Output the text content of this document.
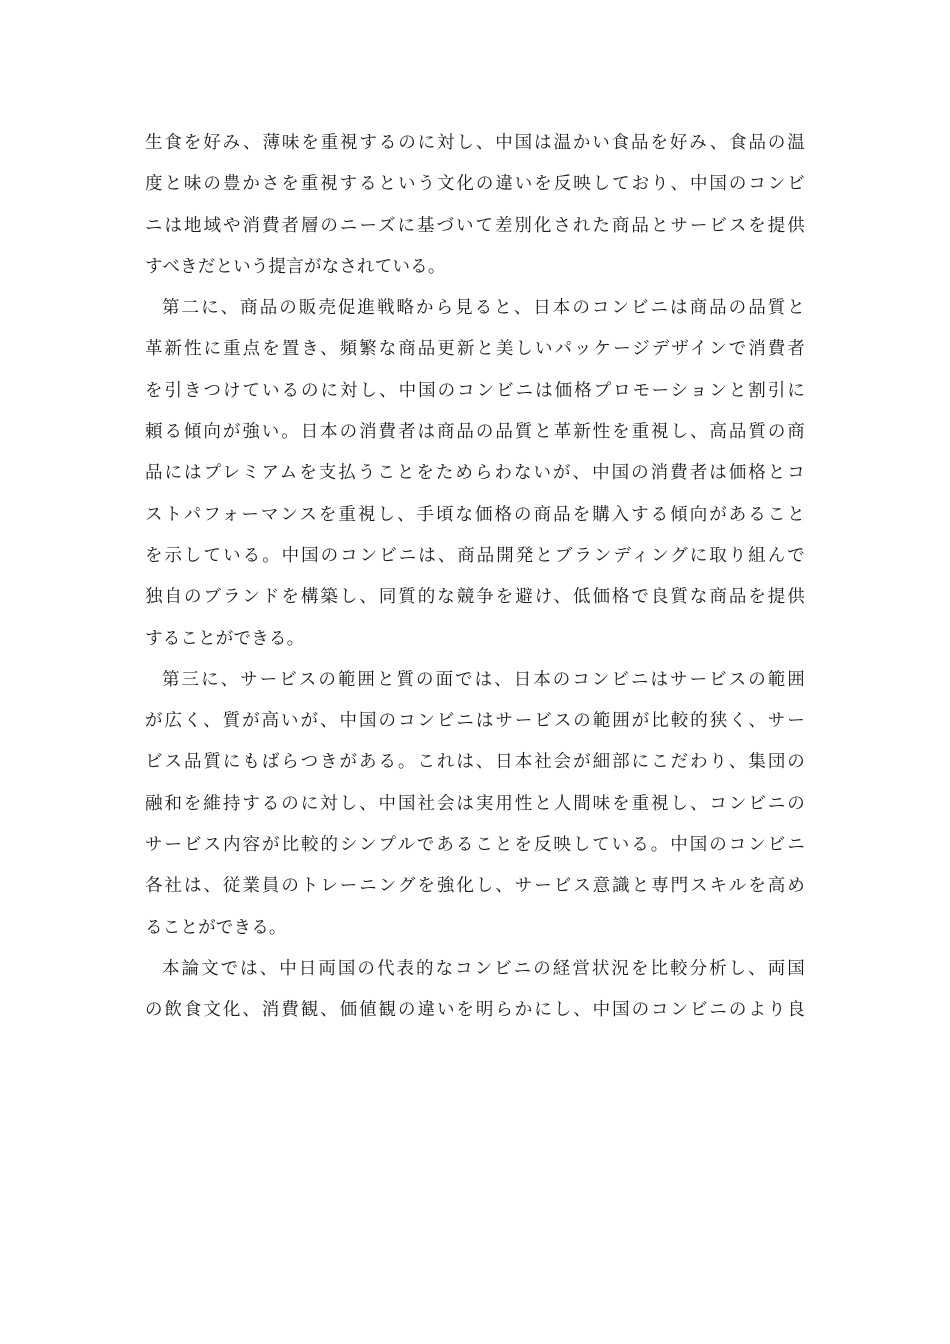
生食を好み、薄味を重視するのに対し、中国は温かい食品を好み、食品の温
度と味の豊かさを重視するという文化の違いを反映しており、中国のコンビ
ニは地域や消費者層のニーズに基づいて差別化された商品とサービスを提供
すべきだという提言がなされている。
第二に、商品の販売促進戦略から見ると、日本のコンビニは商品の品質と
革新性に重点を置き、頻繁な商品更新と美しいパッケージデザインで消費者
を引きつけているのに対し、中国のコンビニは価格プロモーションと割引に
頼る傾向が強い。日本の消費者は商品の品質と革新性を重視し、高品質の商
品にはプレミアムを支払うことをためらわないが、中国の消費者は価格とコ
ストパフォーマンスを重視し、手頃な価格の商品を購入する傾向があること
を示している。中国のコンビニは、商品開発とブランディングに取り組んで
独自のブランドを構築し、同質的な競争を避け、低価格で良質な商品を提供
することができる。
第三に、サービスの範囲と質の面では、日本のコンビニはサービスの範囲
が広く、質が高いが、中国のコンビニはサービスの範囲が比較的狭く、サー
ビス品質にもばらつきがある。これは、日本社会が細部にこだわり、集団の
融和を維持するのに対し、中国社会は実用性と人間味を重視し、コンビニの
サービス内容が比較的シンプルであることを反映している。中国のコンビニ
各社は、従業員のトレーニングを強化し、サービス意識と専門スキルを高め
ることができる。
本論文では、中日両国の代表的なコンビニの経営状況を比較分析し、両国
の飲食文化、消費観、価値観の違いを明らかにし、中国のコンビニのより良
